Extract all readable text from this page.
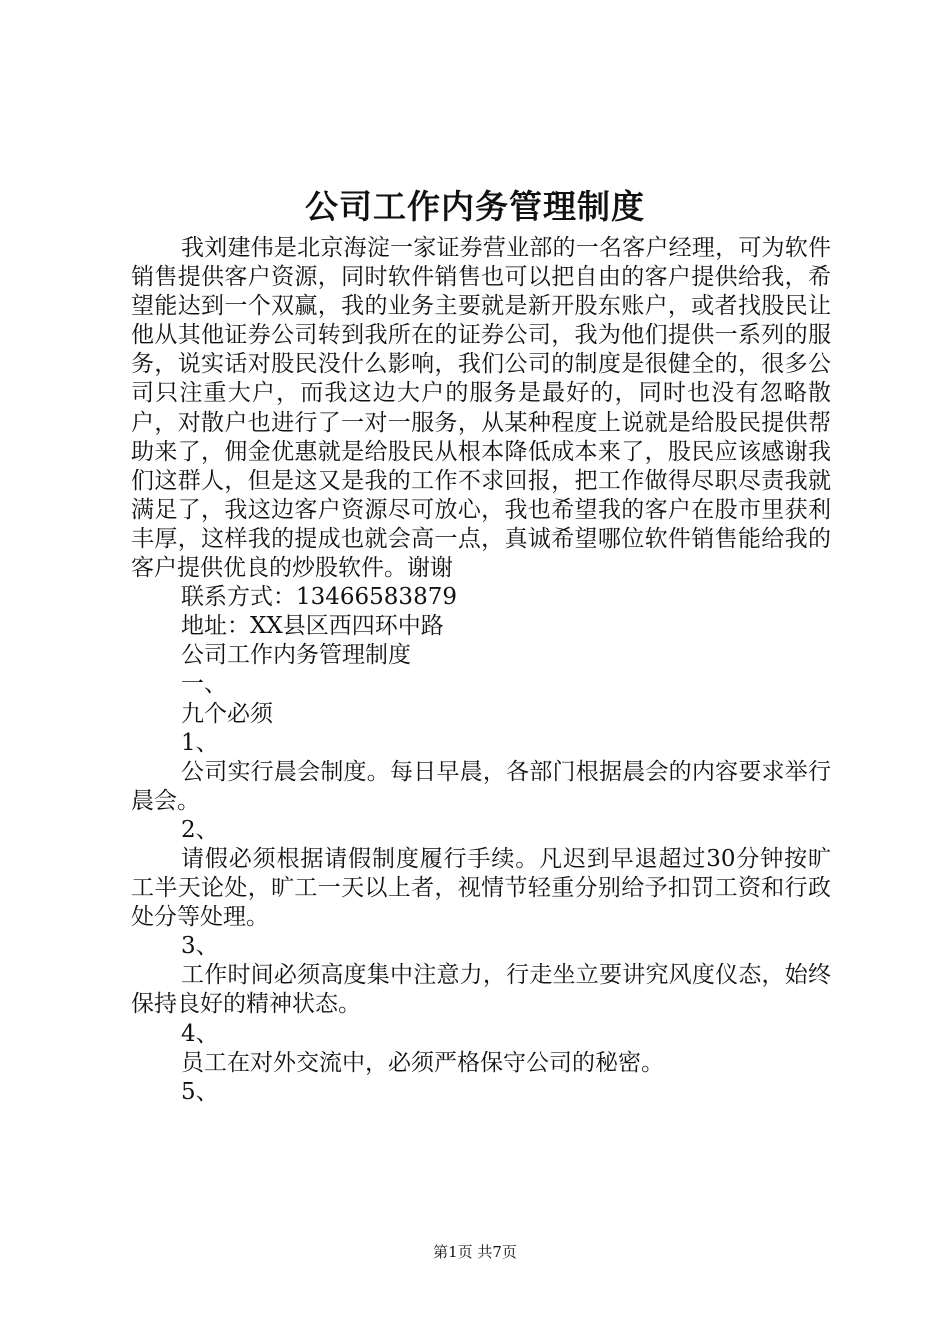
公司工作内务管理制度

我刘建伟是北京海淀一家证券营业部的一名客户经理，可为软件销售提供客户资源，同时软件销售也可以把自由的客户提供给我，希望能达到一个双赢，我的业务主要就是新开股东账户，或者找股民让他从其他证券公司转到我所在的证券公司，我为他们提供一系列的服务，说实话对股民没什么影响，我们公司的制度是很健全的，很多公司只注重大户，而我这边大户的服务是最好的，同时也没有忽略散户，对散户也进行了一对一服务，从某种程度上说就是给股民提供帮助来了，佣金优惠就是给股民从根本降低成本来了，股民应该感谢我们这群人，但是这又是我的工作不求回报，把工作做得尽职尽责我就满足了，我这边客户资源尽可放心，我也希望我的客户在股市里获利丰厚，这样我的提成也就会高一点，真诚希望哪位软件销售能给我的客户提供优良的炒股软件。谢谢

联系方式：13466583879

地址：XX县区西四环中路

公司工作内务管理制度

一、

九个必须

1、

公司实行晨会制度。每日早晨，各部门根据晨会的内容要求举行晨会。

2、

请假必须根据请假制度履行手续。凡迟到早退超过30分钟按旷工半天论处，旷工一天以上者，视情节轻重分别给予扣罚工资和行政处分等处理。

3、

工作时间必须高度集中注意力，行走坐立要讲究风度仪态，始终保持良好的精神状态。

4、

员工在对外交流中，必须严格保守公司的秘密。

5、

第1页 共7页
